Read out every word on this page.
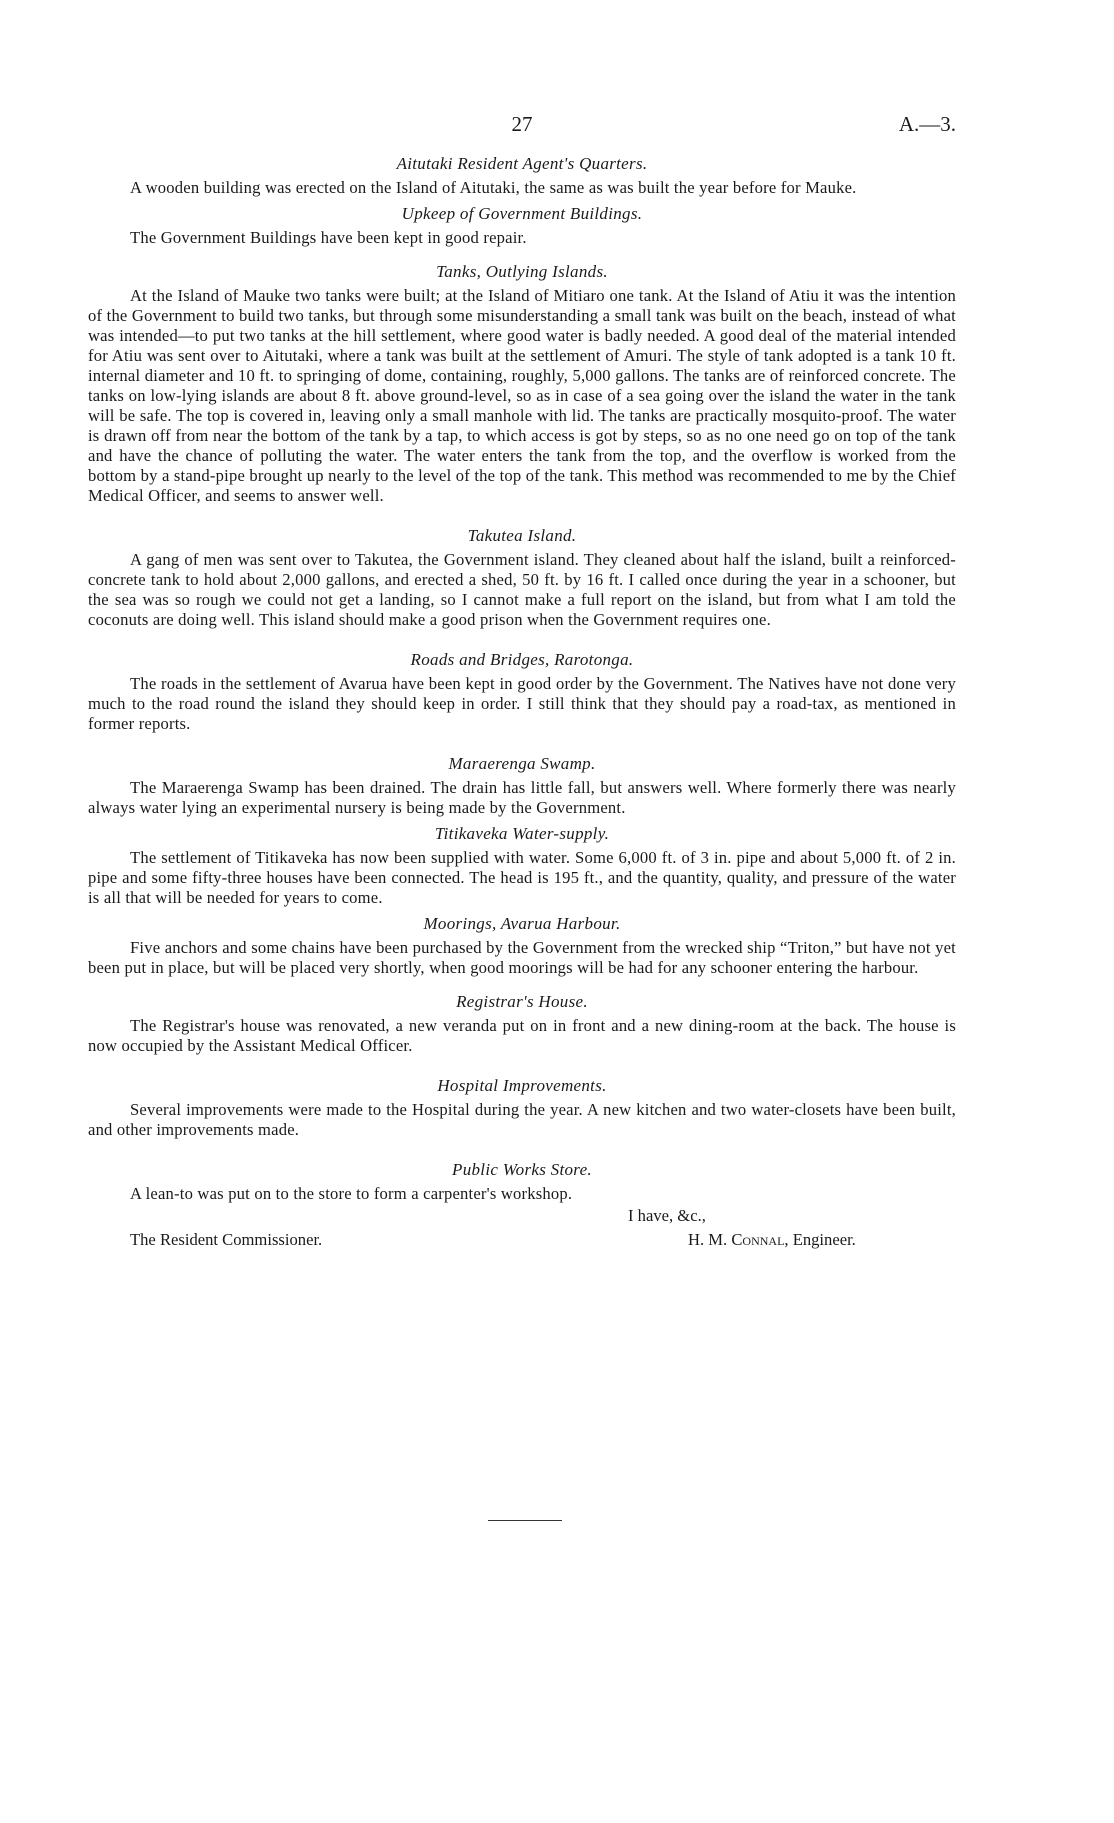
27	A.—3.
Aitutaki Resident Agent's Quarters.

A wooden building was erected on the Island of Aitutaki, the same as was built the year before for Mauke.

Upkeep of Government Buildings.

The Government Buildings have been kept in good repair.

Tanks, Outlying Islands.

At the Island of Mauke two tanks were built; at the Island of Mitiaro one tank. At the Island of Atiu it was the intention of the Government to build two tanks, but through some misunderstanding a small tank was built on the beach, instead of what was intended—to put two tanks at the hill settlement, where good water is badly needed. A good deal of the material intended for Atiu was sent over to Aitutaki, where a tank was built at the settlement of Amuri. The style of tank adopted is a tank 10 ft. internal diameter and 10 ft. to springing of dome, containing, roughly, 5,000 gallons. The tanks are of reinforced concrete. The tanks on low-lying islands are about 8 ft. above ground-level, so as in case of a sea going over the island the water in the tank will be safe. The top is covered in, leaving only a small manhole with lid. The tanks are practically mosquito-proof. The water is drawn off from near the bottom of the tank by a tap, to which access is got by steps, so as no one need go on top of the tank and have the chance of polluting the water. The water enters the tank from the top, and the overflow is worked from the bottom by a stand-pipe brought up nearly to the level of the top of the tank. This method was recommended to me by the Chief Medical Officer, and seems to answer well.

Takutea Island.

A gang of men was sent over to Takutea, the Government island. They cleaned about half the island, built a reinforced-concrete tank to hold about 2,000 gallons, and erected a shed, 50 ft. by 16 ft. I called once during the year in a schooner, but the sea was so rough we could not get a landing, so I cannot make a full report on the island, but from what I am told the coconuts are doing well. This island should make a good prison when the Government requires one.

Roads and Bridges, Rarotonga.

The roads in the settlement of Avarua have been kept in good order by the Government. The Natives have not done very much to the road round the island they should keep in order. I still think that they should pay a road-tax, as mentioned in former reports.

Maraerenga Swamp.

The Maraerenga Swamp has been drained. The drain has little fall, but answers well. Where formerly there was nearly always water lying an experimental nursery is being made by the Government.

Titikaveka Water-supply.

The settlement of Titikaveka has now been supplied with water. Some 6,000 ft. of 3 in. pipe and about 5,000 ft. of 2 in. pipe and some fifty-three houses have been connected. The head is 195 ft., and the quantity, quality, and pressure of the water is all that will be needed for years to come.

Moorings, Avarua Harbour.

Five anchors and some chains have been purchased by the Government from the wrecked ship “Triton,” but have not yet been put in place, but will be placed very shortly, when good moorings will be had for any schooner entering the harbour.

Registrar's House.

The Registrar's house was renovated, a new veranda put on in front and a new dining-room at the back. The house is now occupied by the Assistant Medical Officer.

Hospital Improvements.

Several improvements were made to the Hospital during the year. A new kitchen and two water-closets have been built, and other improvements made.

Public Works Store.

A lean-to was put on to the store to form a carpenter's workshop.

I have, &c.,
The Resident Commissioner.	H. M. Connal, Engineer.
